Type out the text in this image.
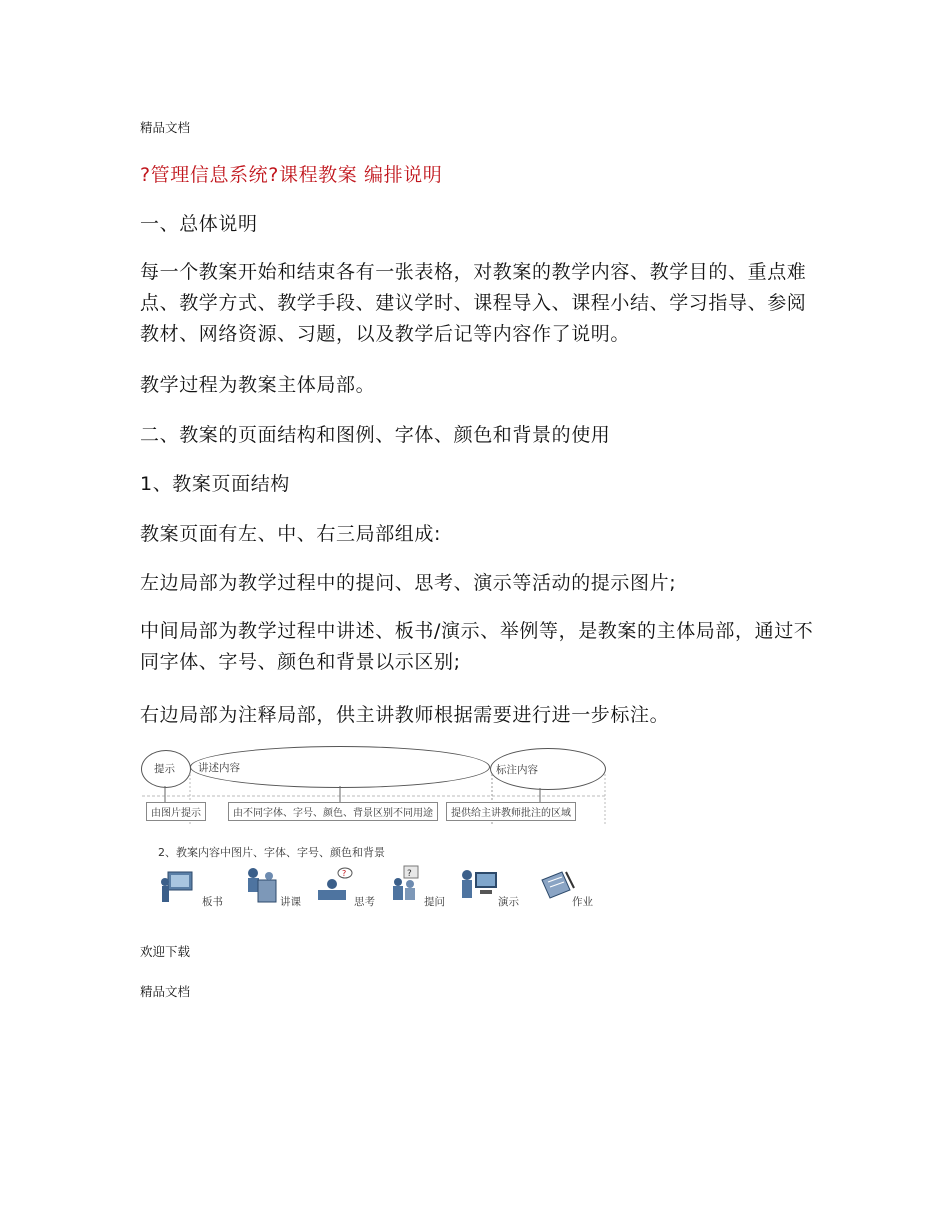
精品文档

?管理信息系统?课程教案 编排说明

一、总体说明

每一个教案开始和结束各有一张表格，对教案的教学内容、教学目的、重点难点、教学方式、教学手段、建议学时、课程导入、课程小结、学习指导、参阅教材、网络资源、习题，以及教学后记等内容作了说明。

教学过程为教案主体局部。

二、教案的页面结构和图例、字体、颜色和背景的使用

1、教案页面结构

教案页面有左、中、右三局部组成:

左边局部为教学过程中的提问、思考、演示等活动的提示图片;

中间局部为教学过程中讲述、板书/演示、举例等，是教案的主体局部，通过不同字体、字号、颜色和背景以示区别;

右边局部为注释局部，供主讲教师根据需要进行进一步标注。

提示 讲述内容	标注内容
由图片提示	由不同字体、字号、颜色、背景区别不同用途	提供给主讲教师批注的区域
2、教案内容中图片、字体、字号、颜色和背景
板书	讲课
?
思考
?
提问	演示	作业

欢迎下载

精品文档
